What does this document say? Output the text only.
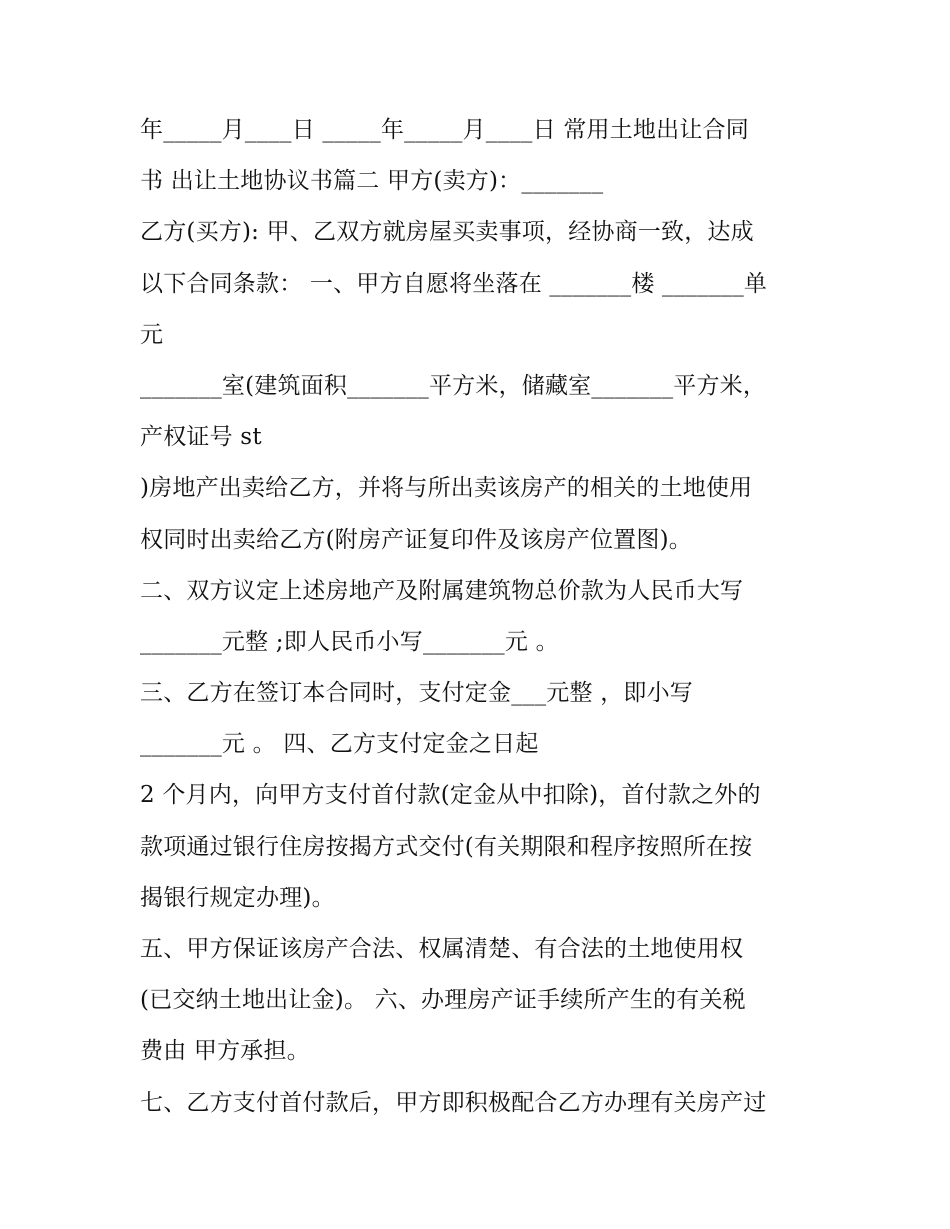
年_____月____日 _____年_____月____日 常用土地出让合同
书 出让土地协议书篇二 甲方(卖方)：_______
乙方(买方): 甲、乙双方就房屋买卖事项，经协商一致，达成
以下合同条款： 一、甲方自愿将坐落在 _______楼 _______单
元
_______室(建筑面积_______平方米，储藏室_______平方米，
产权证号 st
)房地产出卖给乙方，并将与所出卖该房产的相关的土地使用
权同时出卖给乙方(附房产证复印件及该房产位置图)。
二、双方议定上述房地产及附属建筑物总价款为人民币大写
_______元整 ;即人民币小写_______元 。
三、乙方在签订本合同时，支付定金___元整 ，即小写
_______元 。 四、乙方支付定金之日起
2 个月内，向甲方支付首付款(定金从中扣除)，首付款之外的
款项通过银行住房按揭方式交付(有关期限和程序按照所在按
揭银行规定办理)。
五、甲方保证该房产合法、权属清楚、有合法的土地使用权
(已交纳土地出让金)。 六、办理房产证手续所产生的有关税
费由 甲方承担。
七、乙方支付首付款后，甲方即积极配合乙方办理有关房产过
